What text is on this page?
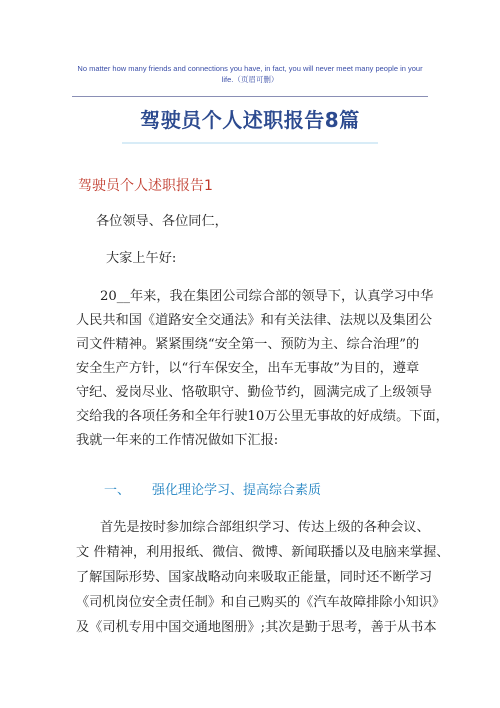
No matter how many friends and connections you have, in fact, you will never meet many people in your
life.（页眉可删）
驾驶员个人述职报告8篇
驾驶员个人述职报告1
各位领导、各位同仁，
大家上午好:
20__年来，我在集团公司综合部的领导下，认真学习中华
人民共和国《道路安全交通法》和有关法律、法规以及集团公
司文件精神。紧紧围绕“安全第一、预防为主、综合治理”的
安全生产方针，以“行车保安全，出车无事故”为目的，遵章
守纪、爱岗尽业、恪敬职守、勤俭节约，圆满完成了上级领导
交给我的各项任务和全年行驶10万公里无事故的好成绩。下面，
我就一年来的工作情况做如下汇报:
一、 强化理论学习、提高综合素质
首先是按时参加综合部组织学习、传达上级的各种会议、
文 件精神，利用报纸、微信、微博、新闻联播以及电脑来掌握、
了解国际形势、国家战略动向来吸取正能量，同时还不断学习
《司机岗位安全责任制》和自己购买的《汽车故障排除小知识》
及《司机专用中国交通地图册》;其次是勤于思考，善于从书本
